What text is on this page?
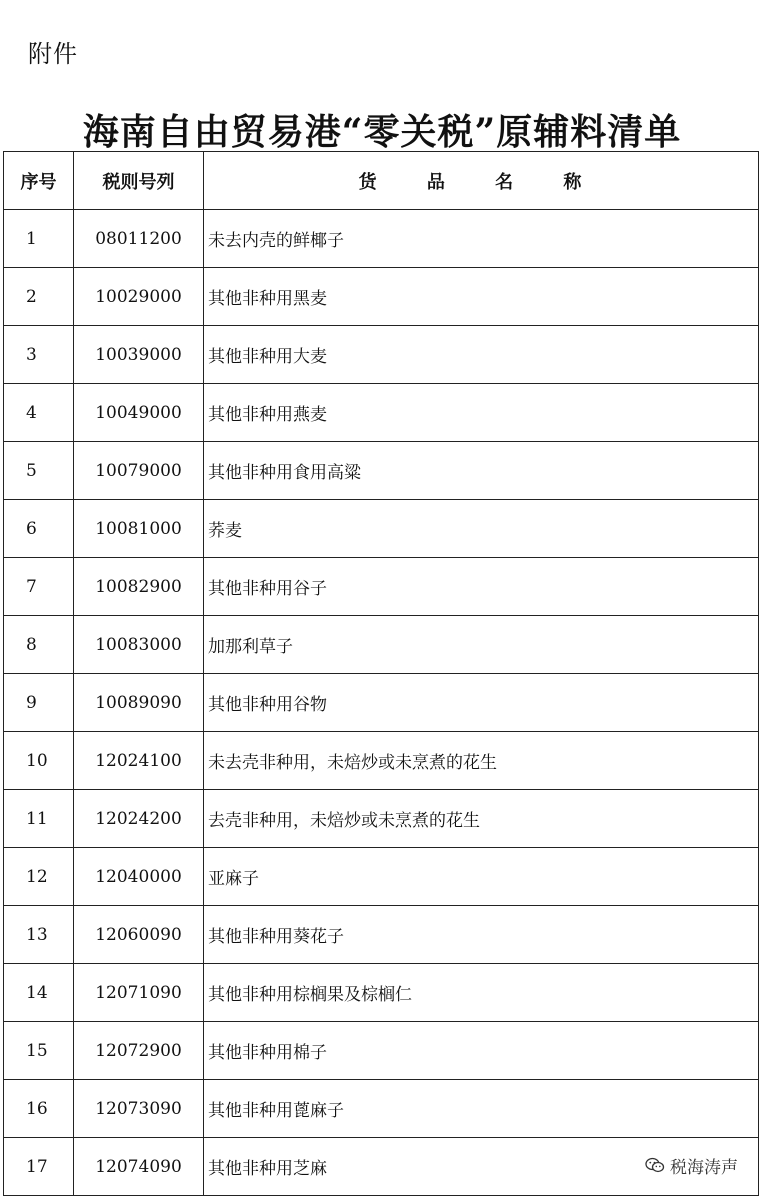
附件
海南自由贸易港“零关税”原辅料清单
序号	税则号列	货 品 名 称
1	08011200	未去内壳的鲜椰子
2	10029000	其他非种用黑麦
3	10039000	其他非种用大麦
4	10049000	其他非种用燕麦
5	10079000	其他非种用食用高粱
6	10081000	荞麦
7	10082900	其他非种用谷子
8	10083000	加那利草子
9	10089090	其他非种用谷物
10	12024100	未去壳非种用，未焙炒或未烹煮的花生
11	12024200	去壳非种用，未焙炒或未烹煮的花生
12	12040000	亚麻子
13	12060090	其他非种用葵花子
14	12071090	其他非种用棕榈果及棕榈仁
15	12072900	其他非种用棉子
16	12073090	其他非种用蓖麻子
17	12074090	其他非种用芝麻	税海涛声
